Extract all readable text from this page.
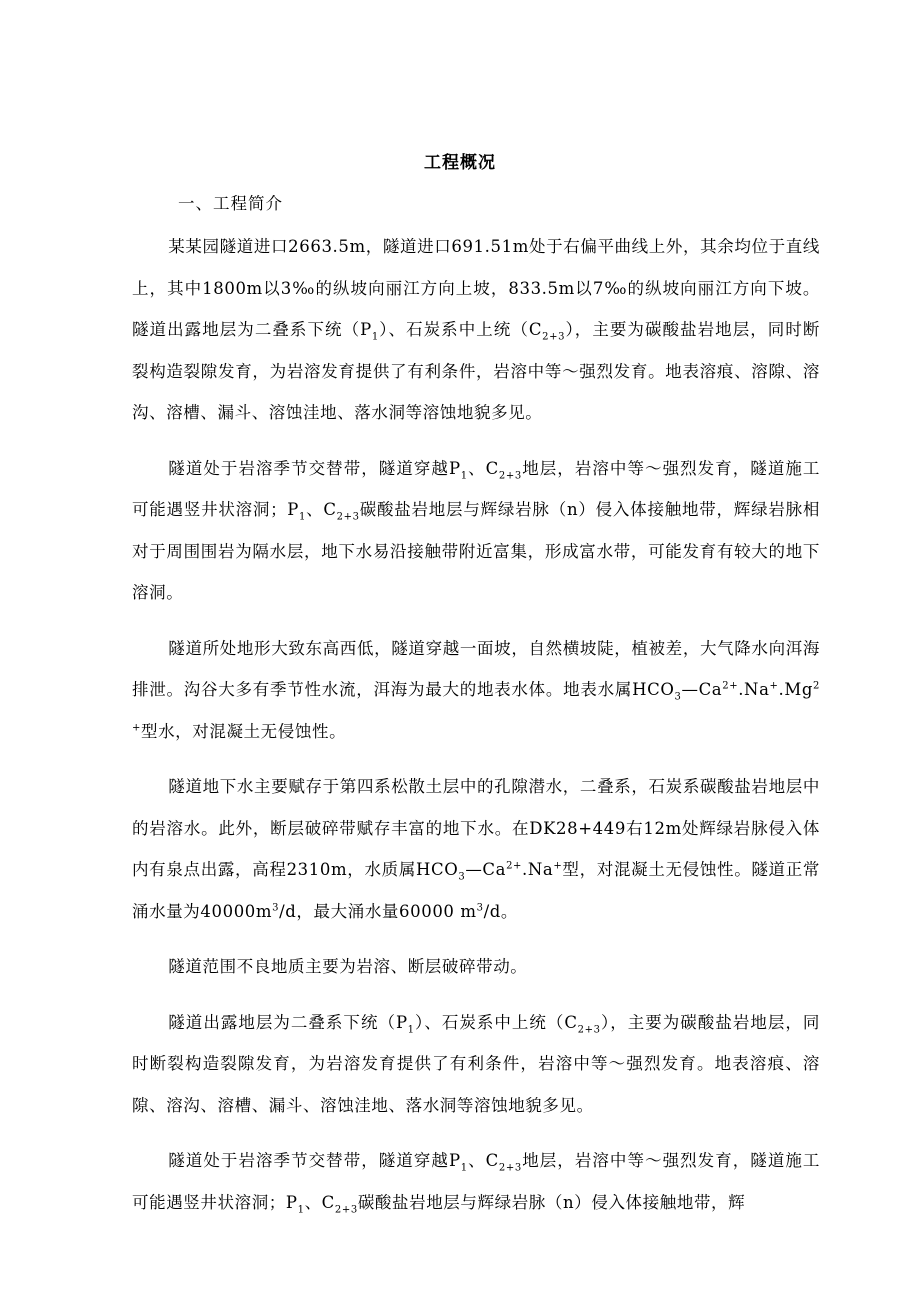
工程概况
一、工程简介

某某园隧道进口2663.5m，隧道进口691.51m处于右偏平曲线上外，其余均位于直线上，其中1800m以3‰的纵坡向丽江方向上坡，833.5m以7‰的纵坡向丽江方向下坡。隧道出露地层为二叠系下统$(P_1)$、石炭系中上统$(C_{2+3})$，主要为碳酸盐岩地层，同时断裂构造裂隙发育，为岩溶发育提供了有利条件，岩溶中等～强烈发育。地表溶痕、溶隙、溶沟、溶槽、漏斗、溶蚀洼地、落水洞等溶蚀地貌多见。

隧道处于岩溶季节交替带，隧道穿越$P_1$、$C_{2+3}$地层，岩溶中等～强烈发育，隧道施工可能遇竖井状溶洞；$P_1$、$C_{2+3}$碳酸盐岩地层与辉绿岩脉（n）侵入体接触地带，辉绿岩脉相对于周围围岩为隔水层，地下水易沿接触带附近富集，形成富水带，可能发育有较大的地下溶洞。

隧道所处地形大致东高西低，隧道穿越一面坡，自然横坡陡，植被差，大气降水向洱海排泄。沟谷大多有季节性水流，洱海为最大的地表水体。地表水属$HCO_3—Ca^{2+}.Na^+.Mg^{2+}$型水，对混凝土无侵蚀性。

隧道地下水主要赋存于第四系松散土层中的孔隙潜水，二叠系，石炭系碳酸盐岩地层中的岩溶水。此外，断层破碎带赋存丰富的地下水。在DK28+449右12m处辉绿岩脉侵入体内有泉点出露，高程2310m，水质属$HCO_3—Ca^{2+}.Na^+$型，对混凝土无侵蚀性。隧道正常涌水量为$40000m^3/d$，最大涌水量60000 $m^3/d$。

隧道范围不良地质主要为岩溶、断层破碎带动。

隧道出露地层为二叠系下统$(P_1)$、石炭系中上统$(C_{2+3})$，主要为碳酸盐岩地层，同时断裂构造裂隙发育，为岩溶发育提供了有利条件，岩溶中等～强烈发育。地表溶痕、溶隙、溶沟、溶槽、漏斗、溶蚀洼地、落水洞等溶蚀地貌多见。

隧道处于岩溶季节交替带，隧道穿越$P_1$、$C_{2+3}$地层，岩溶中等～强烈发育，隧道施工可能遇竖井状溶洞；$P_1$、$C_{2+3}$碳酸盐岩地层与辉绿岩脉（n）侵入体接触地带，辉
